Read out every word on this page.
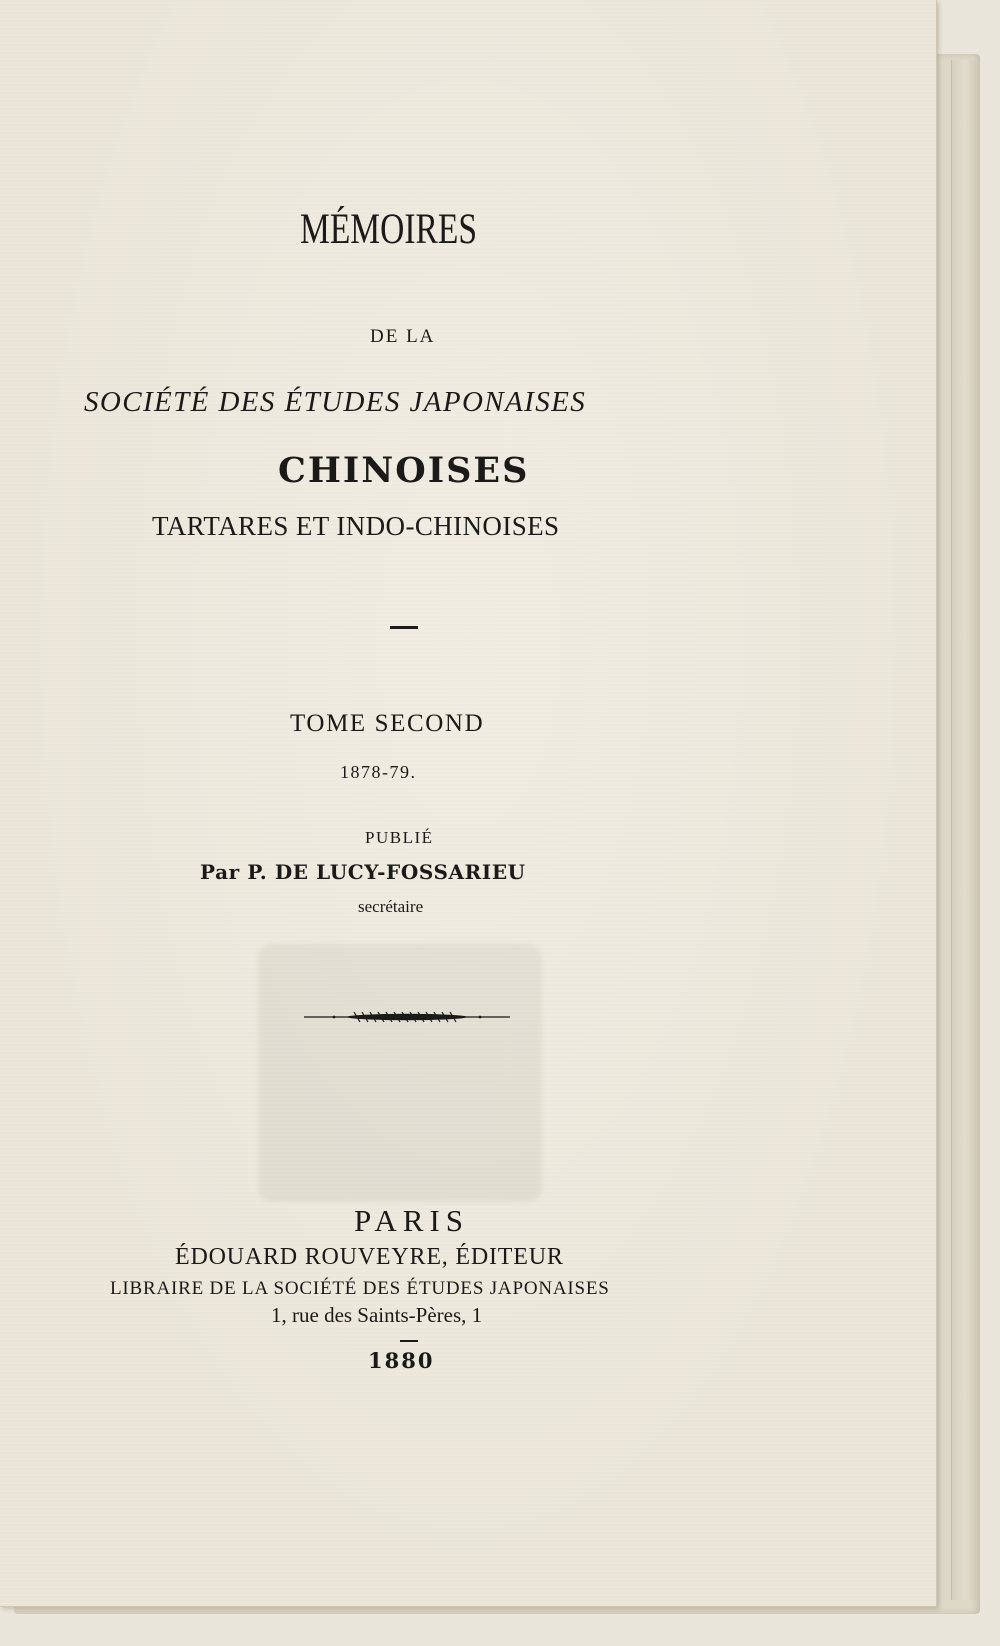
MÉMOIRES
DE LA
SOCIÉTÉ DES ÉTUDES JAPONAISES
CHINOISES
TARTARES ET INDO-CHINOISES
TOME SECOND
1878-79.
PUBLIÉ
Par P. DE LUCY-FOSSARIEU
secrétaire
PARIS
ÉDOUARD ROUVEYRE, ÉDITEUR
LIBRAIRE DE LA SOCIÉTÉ DES ÉTUDES JAPONAISES
1, rue des Saints-Pères, 1
1880
